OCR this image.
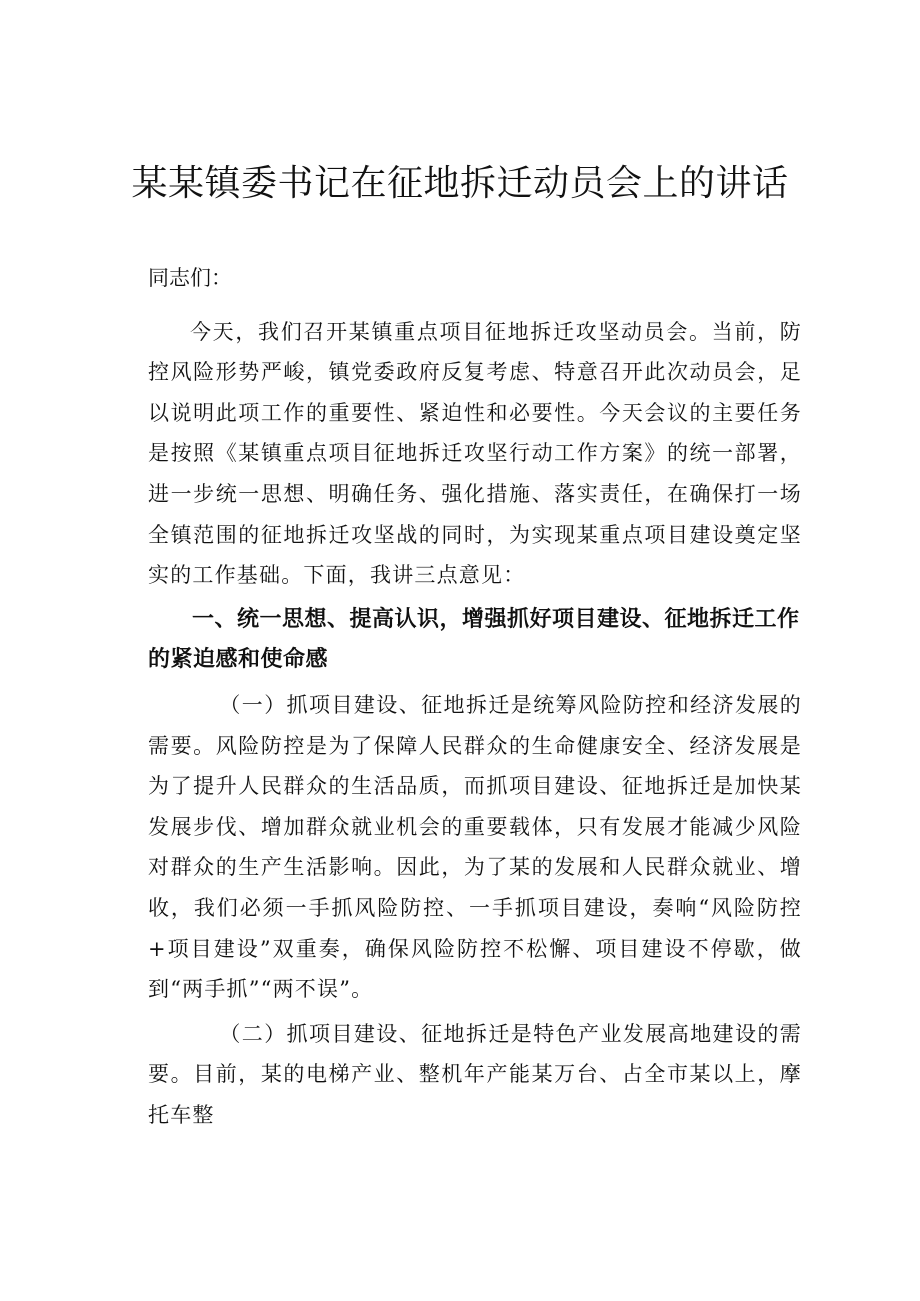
某某镇委书记在征地拆迁动员会上的讲话

同志们：

今天，我们召开某镇重点项目征地拆迁攻坚动员会。当前，防控风险形势严峻，镇党委政府反复考虑、特意召开此次动员会，足以说明此项工作的重要性、紧迫性和必要性。今天会议的主要任务是按照《某镇重点项目征地拆迁攻坚行动工作方案》的统一部署，进一步统一思想、明确任务、强化措施、落实责任，在确保打一场全镇范围的征地拆迁攻坚战的同时，为实现某重点项目建设奠定坚实的工作基础。下面，我讲三点意见：

一、统一思想、提高认识，增强抓好项目建设、征地拆迁工作的紧迫感和使命感

（一）抓项目建设、征地拆迁是统筹风险防控和经济发展的需要。风险防控是为了保障人民群众的生命健康安全、经济发展是为了提升人民群众的生活品质，而抓项目建设、征地拆迁是加快某发展步伐、增加群众就业机会的重要载体，只有发展才能减少风险对群众的生产生活影响。因此，为了某的发展和人民群众就业、增收，我们必须一手抓风险防控、一手抓项目建设，奏响“风险防控+项目建设”双重奏，确保风险防控不松懈、项目建设不停歇，做到“两手抓”“两不误”。

（二）抓项目建设、征地拆迁是特色产业发展高地建设的需要。目前，某的电梯产业、整机年产能某万台、占全市某以上，摩托车整
